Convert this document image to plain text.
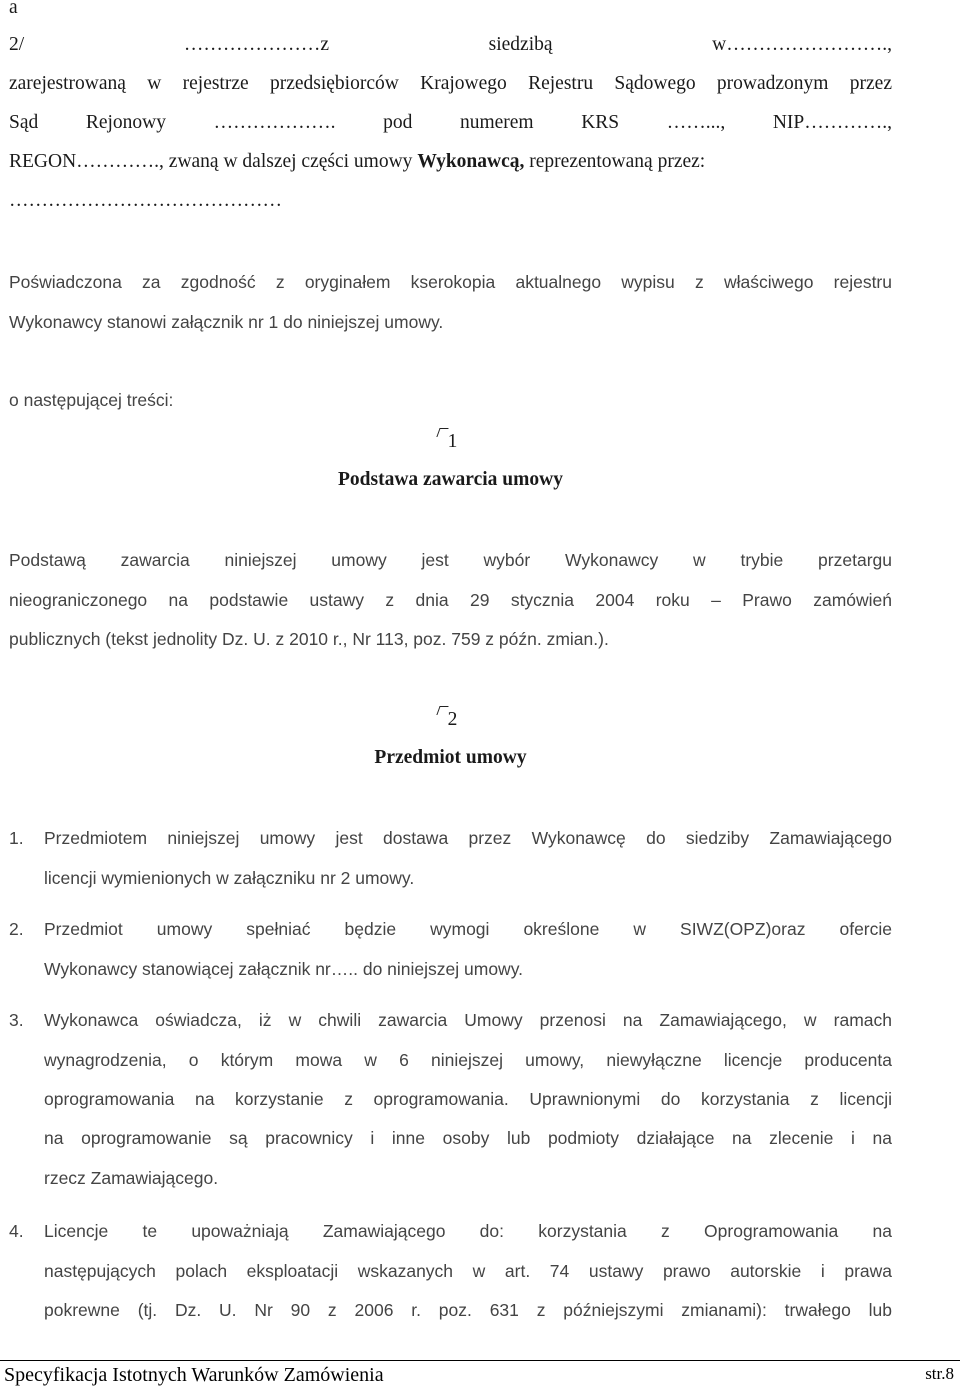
a
2/ …………………z siedzibą w…………………….,
zarejestrowaną w rejestrze przedsiębiorców Krajowego Rejestru Sądowego prowadzonym przez
Sąd Rejonowy ………………. pod numerem KRS ……..., NIP………….,
REGON…………., zwaną w dalszej części umowy Wykonawcą, reprezentowaną przez:
……………………………………
Poświadczona za zgodność z oryginałem kserokopia aktualnego wypisu z właściwego rejestru
Wykonawcy stanowi załącznik nr 1 do niniejszej umowy.
o następującej treści:
1
Podstawa zawarcia umowy
Podstawą zawarcia niniejszej umowy jest wybór Wykonawcy w trybie przetargu
nieograniczonego na podstawie ustawy z dnia 29 stycznia 2004 roku – Prawo zamówień
publicznych (tekst jednolity Dz. U. z 2010 r., Nr 113, poz. 759 z późn. zmian.).
2
Przedmiot umowy
1. Przedmiotem niniejszej umowy jest dostawa przez Wykonawcę do siedziby Zamawiającego
licencji wymienionych w załączniku nr 2 umowy.
2. Przedmiot umowy spełniać będzie wymogi określone w SIWZ(OPZ)oraz ofercie
Wykonawcy stanowiącej załącznik nr….. do niniejszej umowy.
3. Wykonawca oświadcza, iż w chwili zawarcia Umowy przenosi na Zamawiającego, w ramach
wynagrodzenia, o którym mowa w 6 niniejszej umowy, niewyłączne licencje producenta
oprogramowania na korzystanie z oprogramowania. Uprawnionymi do korzystania z licencji
na oprogramowanie są pracownicy i inne osoby lub podmioty działające na zlecenie i na
rzecz Zamawiającego.
4. Licencje te upoważniają Zamawiającego do: korzystania z Oprogramowania na
następujących polach eksploatacji wskazanych w art. 74 ustawy prawo autorskie i prawa
pokrewne (tj. Dz. U. Nr 90 z 2006 r. poz. 631 z późniejszymi zmianami): trwałego lub
Specyfikacja Istotnych Warunków Zamówienia	str.8
